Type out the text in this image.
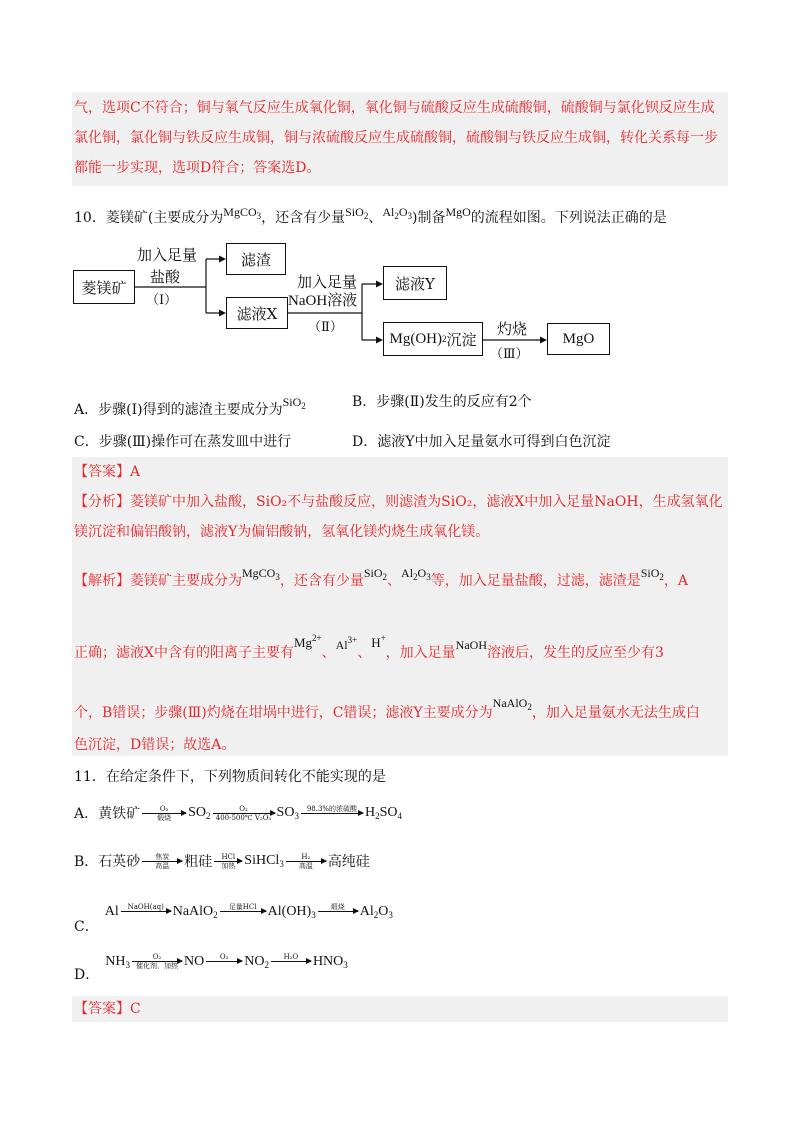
气，选项C不符合；铜与氧气反应生成氧化铜，氧化铜与硫酸反应生成硫酸铜，硫酸铜与氯化钡反应生成
氯化铜，氯化铜与铁反应生成铜，铜与浓硫酸反应生成硫酸铜，硫酸铜与铁反应生成铜，转化关系每一步
都能一步实现，选项D符合；答案选D。
10．菱镁矿(主要成分为MgCO$_3$，还含有少量SiO$_2$、$Al_2O_3$)制备MgO的流程如图。下列说法正确的是
菱镁矿
加入足量
盐酸
（Ⅰ）
滤渣
滤液X
加入足量
NaOH溶液
（Ⅱ）
滤液Y
Mg(OH) 2 沉淀
灼烧
（Ⅲ）
MgO
A．步骤(Ⅰ)得到的滤渣主要成分为SiO$_2$	B．步骤(Ⅱ)发生的反应有2个
C．步骤(Ⅲ)操作可在蒸发皿中进行	D．滤液Y中加入足量氨水可得到白色沉淀
【答案】A
【分析】菱镁矿中加入盐酸，SiO₂不与盐酸反应，则滤渣为SiO₂，滤液X中加入足量NaOH，生成氢氧化
镁沉淀和偏铝酸钠，滤液Y为偏铝酸钠，氢氧化镁灼烧生成氧化镁。
【解析】菱镁矿主要成分为MgCO$_3$，还含有少量SiO$_2$、$Al_2O_3$等，加入足量盐酸，过滤，滤渣是SiO$_2$，A
正确；滤液X中含有的阳离子主要有$Mg^{2+}$、$Al^{3+}$、H+，加入足量NaOH溶液后，发生的反应至少有3
个，B错误；步骤(Ⅲ)灼烧在坩埚中进行，C错误；滤液Y主要成分为NaAlO$_2$，加入足量氨水无法生成白
色沉淀，D错误；故选A。
11．在给定条件下，下列物质间转化不能实现的是
A．黄铁矿	O₂
煅烧 $SO_2$
O₂
400-500℃ V₂O₅ $SO_3$
98.3%的浓硫酸
$H_2SO_4$
B．石英砂 焦炭
高温 粗硅 HCl
加热 SiHCl$_3$
H₂
高温 高纯硅
C．
Al NaOH(aq)
NaAlO$_2$
足量HCl
$Al(OH)_3$
煅烧
$Al_2O_3$
D．
$NH_3$
O₂
催化剂，加热 NO O₂
$NO_2$
H₂O
$HNO_3$
【答案】C
